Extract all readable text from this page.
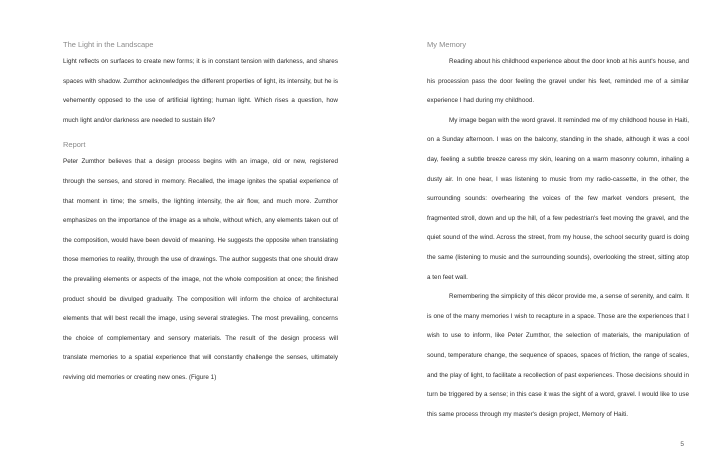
The Light in the Landscape

Light reflects on surfaces to create new forms; it is in constant tension with darkness, and shares spaces with shadow. Zumthor acknowledges the different properties of light, its intensity, but he is vehemently opposed to the use of artificial lighting; human light. Which rises a question, how much light and/or darkness are needed to sustain life?

Report

Peter Zumthor believes that a design process begins with an image, old or new, registered through the senses, and stored in memory. Recalled, the image ignites the spatial experience of that moment in time; the smells, the lighting intensity, the air flow, and much more. Zumthor emphasizes on the importance of the image as a whole, without which, any elements taken out of the composition, would have been devoid of meaning. He suggests the opposite when translating those memories to reality, through the use of drawings. The author suggests that one should draw the prevailing elements or aspects of the image, not the whole composition at once; the finished product should be divulged gradually. The composition will inform the choice of architectural elements that will best recall the image, using several strategies. The most prevailing, concerns the choice of complementary and sensory materials. The result of the design process will translate memories to a spatial experience that will constantly challenge the senses, ultimately reviving old memories or creating new ones. (Figure 1)

My Memory

Reading about his childhood experience about the door knob at his aunt's house, and his procession pass the door feeling the gravel under his feet, reminded me of a similar experience I had during my childhood.

My image began with the word gravel. It reminded me of my childhood house in Haiti, on a Sunday afternoon. I was on the balcony, standing in the shade, although it was a cool day, feeling a subtle breeze caress my skin, leaning on a warm masonry column, inhaling a dusty air. In one hear, I was listening to music from my radio-cassette, in the other, the surrounding sounds: overhearing the voices of the few market vendors present, the fragmented stroll, down and up the hill, of a few pedestrian's feet moving the gravel, and the quiet sound of the wind. Across the street, from my house, the school security guard is doing the same (listening to music and the surrounding sounds), overlooking the street, sitting atop a ten feet wall.

Remembering the simplicity of this décor provide me, a sense of serenity, and calm. It is one of the many memories I wish to recapture in a space. Those are the experiences that I wish to use to inform, like Peter Zumthor, the selection of materials, the manipulation of sound, temperature change, the sequence of spaces, spaces of friction, the range of scales, and the play of light, to facilitate a recollection of past experiences. Those decisions should in turn be triggered by a sense; in this case it was the sight of a word, gravel. I would like to use this same process through my master's design project, Memory of Haiti.

5
